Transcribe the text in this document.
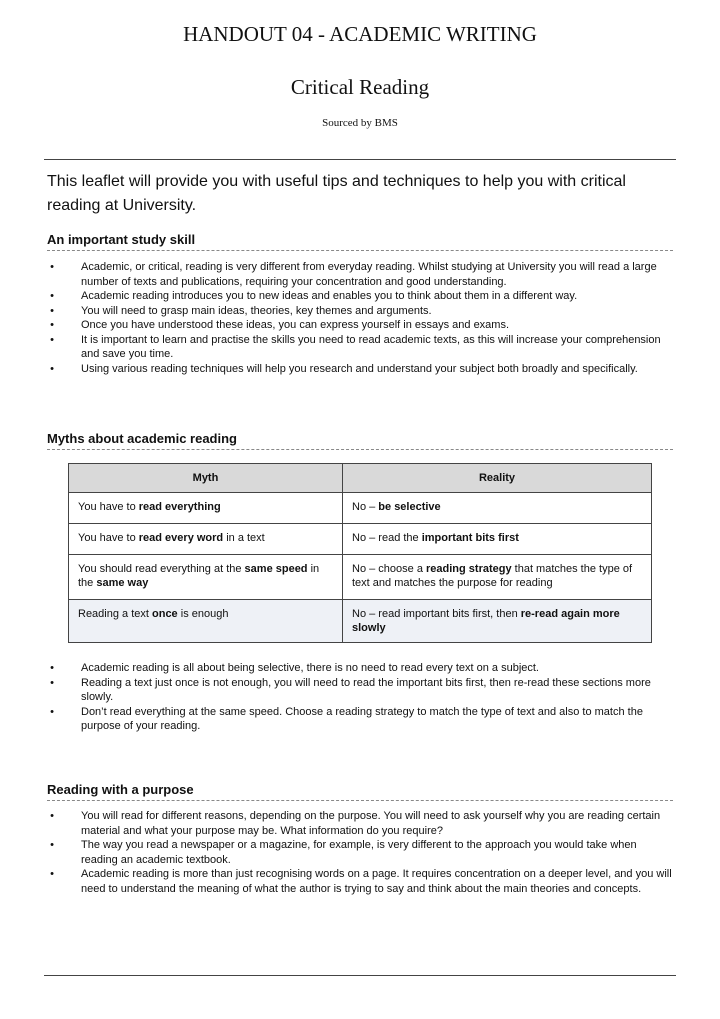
HANDOUT 04 - ACADEMIC WRITING
Critical Reading
Sourced by BMS
This leaflet will provide you with useful tips and techniques to help you with critical reading at University.
An important study skill
• Academic, or critical, reading is very different from everyday reading. Whilst studying at University you will read a large number of texts and publications, requiring your concentration and good understanding.
• Academic reading introduces you to new ideas and enables you to think about them in a different way.
• You will need to grasp main ideas, theories, key themes and arguments.
• Once you have understood these ideas, you can express yourself in essays and exams.
• It is important to learn and practise the skills you need to read academic texts, as this will increase your comprehension and save you time.
• Using various reading techniques will help you research and understand your subject both broadly and specifically.
Myths about academic reading
Myth	Reality
You have to read everything	No – be selective
You have to read every word in a text	No – read the important bits first
You should read everything at the same speed in the same way	No – choose a reading strategy that matches the type of text and matches the purpose for reading
Reading a text once is enough	No – read important bits first, then re-read again more slowly
• Academic reading is all about being selective, there is no need to read every text on a subject.
• Reading a text just once is not enough, you will need to read the important bits first, then re-read these sections more slowly.
• Don’t read everything at the same speed. Choose a reading strategy to match the type of text and also to match the purpose of your reading.
Reading with a purpose
• You will read for different reasons, depending on the purpose. You will need to ask yourself why you are reading certain material and what your purpose may be. What information do you require?
• The way you read a newspaper or a magazine, for example, is very different to the approach you would take when reading an academic textbook.
• Academic reading is more than just recognising words on a page. It requires concentration on a deeper level, and you will need to understand the meaning of what the author is trying to say and think about the main theories and concepts.
